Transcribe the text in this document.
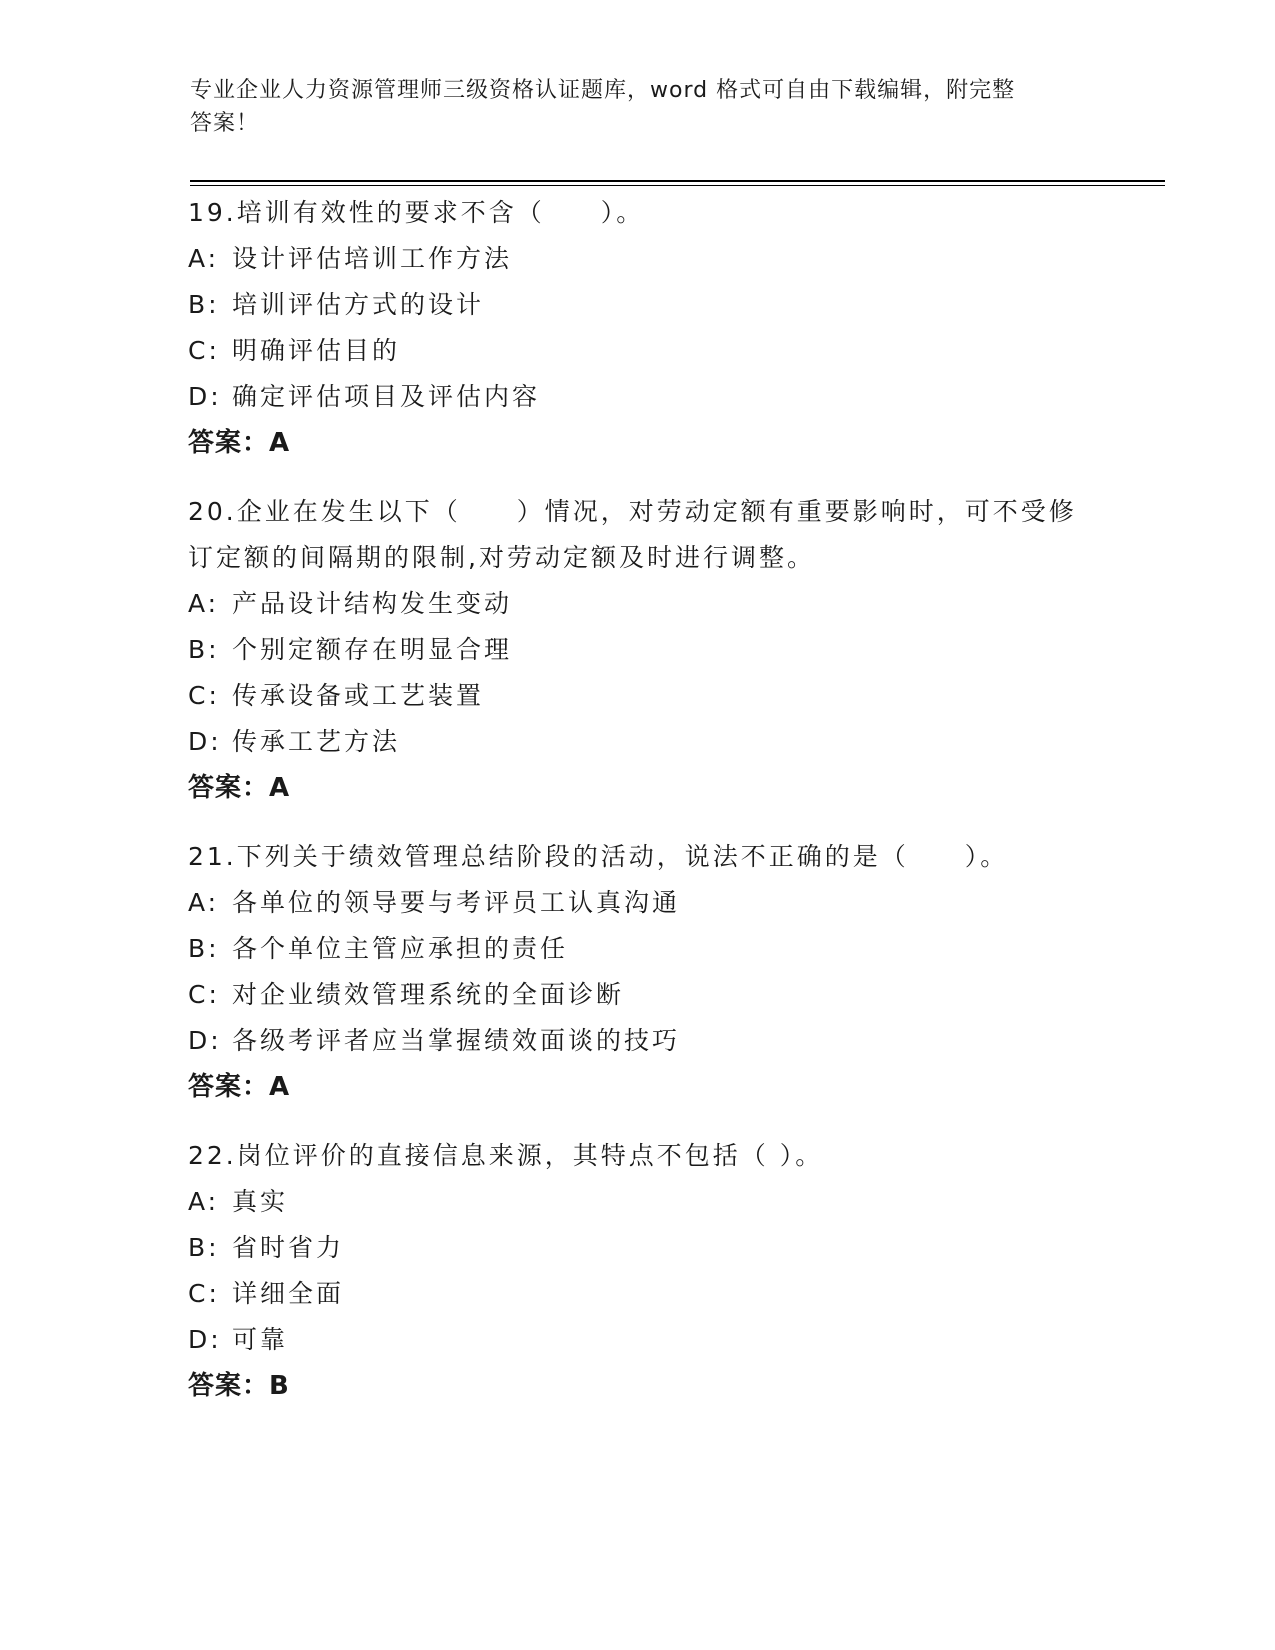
专业企业人力资源管理师三级资格认证题库，word 格式可自由下载编辑，附完整
答案！

19.培训有效性的要求不含（　　）。

A: 设计评估培训工作方法

B: 培训评估方式的设计

C: 明确评估目的

D: 确定评估项目及评估内容

答案：A

20.企业在发生以下（　　）情况，对劳动定额有重要影响时，可不受修订定额的间隔期的限制,对劳动定额及时进行调整。

A: 产品设计结构发生变动

B: 个别定额存在明显合理

C: 传承设备或工艺装置

D: 传承工艺方法

答案：A

21.下列关于绩效管理总结阶段的活动，说法不正确的是（　　）。

A: 各单位的领导要与考评员工认真沟通

B: 各个单位主管应承担的责任

C: 对企业绩效管理系统的全面诊断

D: 各级考评者应当掌握绩效面谈的技巧

答案：A

22.岗位评价的直接信息来源，其特点不包括（ ）。

A: 真实

B: 省时省力

C: 详细全面

D: 可靠

答案：B
